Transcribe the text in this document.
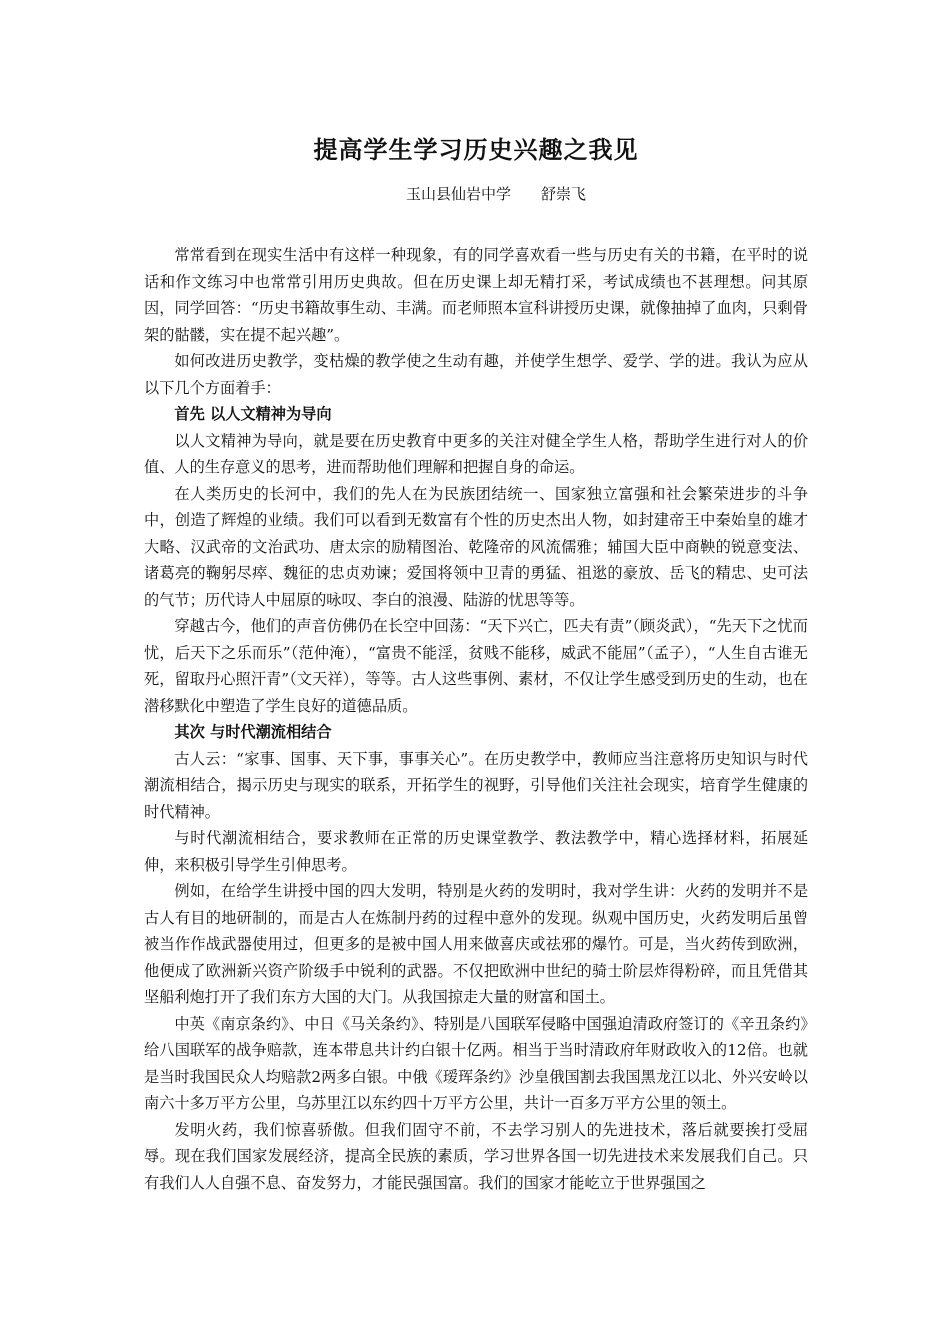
提高学生学习历史兴趣之我见
玉山县仙岩中学 舒崇飞

常常看到在现实生活中有这样一种现象，有的同学喜欢看一些与历史有关的书籍，在平时的说话和作文练习中也常常引用历史典故。但在历史课上却无精打采，考试成绩也不甚理想。问其原因，同学回答：“历史书籍故事生动、丰满。而老师照本宣科讲授历史课，就像抽掉了血肉，只剩骨架的骷髅，实在提不起兴趣”。

如何改进历史教学，变枯燥的教学使之生动有趣，并使学生想学、爱学、学的进。我认为应从以下几个方面着手：

首先 以人文精神为导向

以人文精神为导向，就是要在历史教育中更多的关注对健全学生人格，帮助学生进行对人的价值、人的生存意义的思考，进而帮助他们理解和把握自身的命运。

在人类历史的长河中，我们的先人在为民族团结统一、国家独立富强和社会繁荣进步的斗争中，创造了辉煌的业绩。我们可以看到无数富有个性的历史杰出人物，如封建帝王中秦始皇的雄才大略、汉武帝的文治武功、唐太宗的励精图治、乾隆帝的风流儒雅；辅国大臣中商鞅的锐意变法、诸葛亮的鞠躬尽瘁、魏征的忠贞劝谏；爱国将领中卫青的勇猛、祖逖的豪放、岳飞的精忠、史可法的气节；历代诗人中屈原的咏叹、李白的浪漫、陆游的忧思等等。

穿越古今，他们的声音仿佛仍在长空中回荡：“天下兴亡，匹夫有责”（顾炎武），“先天下之忧而忧，后天下之乐而乐”（范仲淹），“富贵不能淫，贫贱不能移，威武不能屈”（孟子），“人生自古谁无死，留取丹心照汗青”（文天祥），等等。古人这些事例、素材，不仅让学生感受到历史的生动，也在潜移默化中塑造了学生良好的道德品质。

其次 与时代潮流相结合

古人云：“家事、国事、天下事，事事关心”。在历史教学中，教师应当注意将历史知识与时代潮流相结合，揭示历史与现实的联系，开拓学生的视野，引导他们关注社会现实，培育学生健康的时代精神。

与时代潮流相结合，要求教师在正常的历史课堂教学、教法教学中，精心选择材料，拓展延伸，来积极引导学生引伸思考。

例如，在给学生讲授中国的四大发明，特别是火药的发明时，我对学生讲：火药的发明并不是古人有目的地研制的，而是古人在炼制丹药的过程中意外的发现。纵观中国历史，火药发明后虽曾被当作作战武器使用过，但更多的是被中国人用来做喜庆或祛邪的爆竹。可是，当火药传到欧洲，他便成了欧洲新兴资产阶级手中锐利的武器。不仅把欧洲中世纪的骑士阶层炸得粉碎，而且凭借其坚船利炮打开了我们东方大国的大门。从我国掠走大量的财富和国土。

中英《南京条约》、中日《马关条约》、特别是八国联军侵略中国强迫清政府签订的《辛丑条约》给八国联军的战争赔款，连本带息共计约白银十亿两。相当于当时清政府年财政收入的12倍。也就是当时我国民众人均赔款2两多白银。中俄《瑷珲条约》沙皇俄国割去我国黑龙江以北、外兴安岭以南六十多万平方公里，乌苏里江以东约四十万平方公里，共计一百多万平方公里的领土。

发明火药，我们惊喜骄傲。但我们固守不前，不去学习别人的先进技术，落后就要挨打受屈辱。现在我们国家发展经济，提高全民族的素质，学习世界各国一切先进技术来发展我们自己。只有我们人人自强不息、奋发努力，才能民强国富。我们的国家才能屹立于世界强国之
